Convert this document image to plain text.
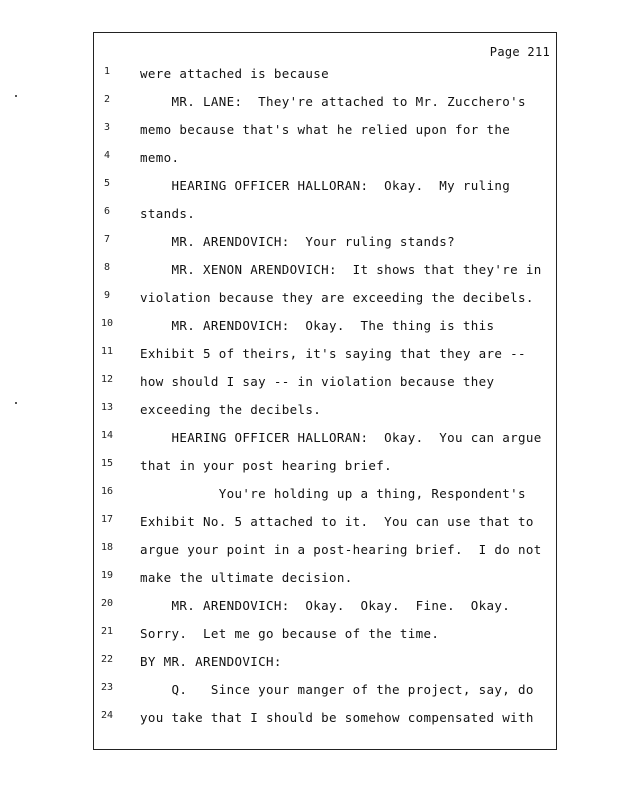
Page 211
1	were attached is because
2	MR. LANE:  They're attached to Mr. Zucchero's
3	memo because that's what he relied upon for the
4	memo.
5	HEARING OFFICER HALLORAN:  Okay.  My ruling
6	stands.
7	MR. ARENDOVICH:  Your ruling stands?
8	MR. XENON ARENDOVICH:  It shows that they're in
9	violation because they are exceeding the decibels.
10	MR. ARENDOVICH:  Okay.  The thing is this
11	Exhibit 5 of theirs, it's saying that they are --
12	how should I say -- in violation because they
13	exceeding the decibels.
14	HEARING OFFICER HALLORAN:  Okay.  You can argue
15	that in your post hearing brief.
16	You're holding up a thing, Respondent's
17	Exhibit No. 5 attached to it.  You can use that to
18	argue your point in a post-hearing brief.  I do not
19	make the ultimate decision.
20	MR. ARENDOVICH:  Okay.  Okay.  Fine.  Okay.
21	Sorry.  Let me go because of the time.
22	BY MR. ARENDOVICH:
23	Q.   Since your manger of the project, say, do
24	you take that I should be somehow compensated with
